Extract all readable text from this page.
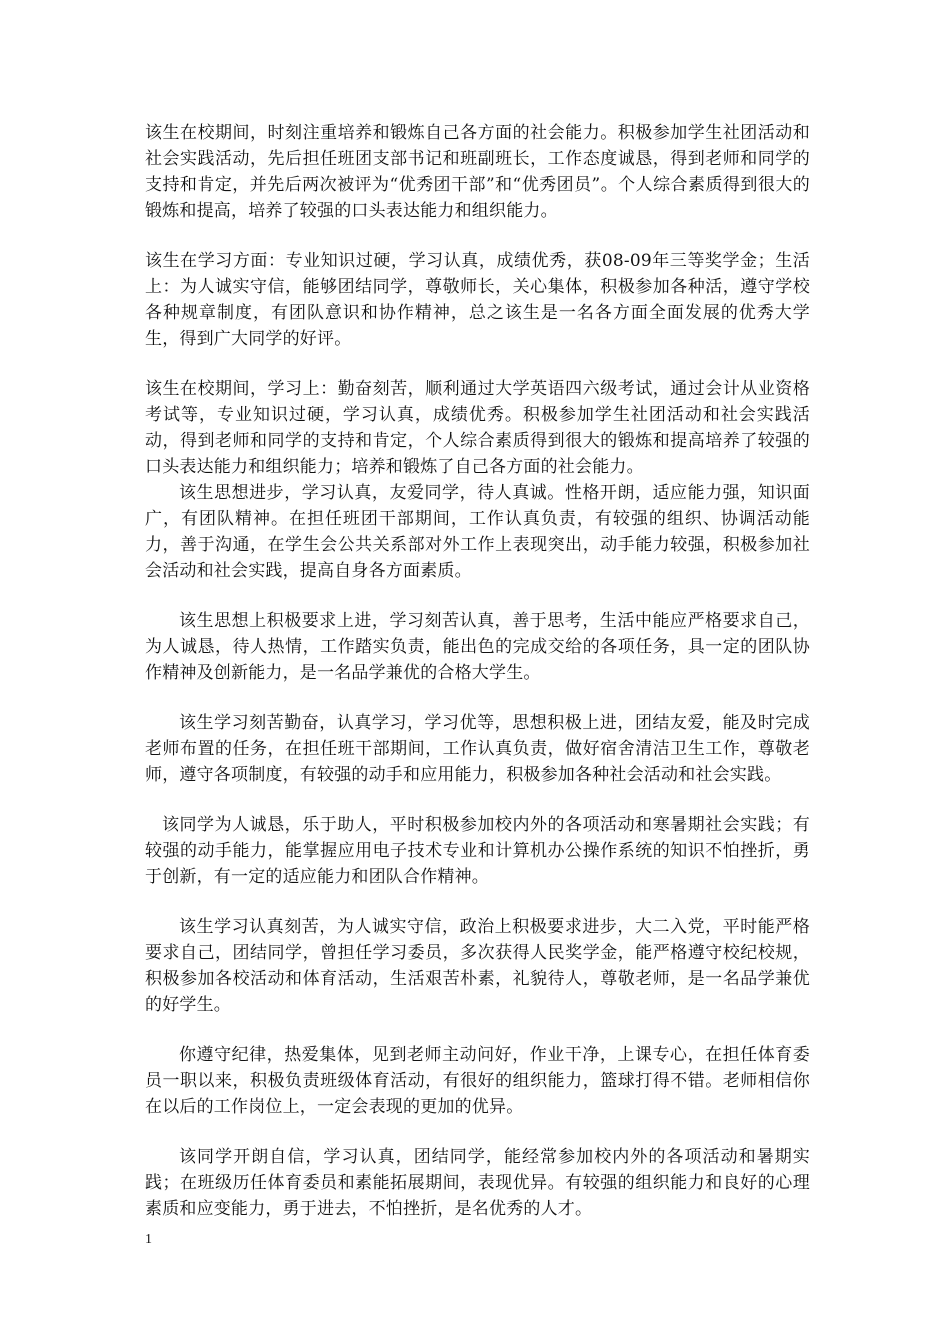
该生在校期间，时刻注重培养和锻炼自己各方面的社会能力。积极参加学生社团活动和社会实践活动，先后担任班团支部书记和班副班长，工作态度诚恳，得到老师和同学的支持和肯定，并先后两次被评为“优秀团干部”和“优秀团员”。个人综合素质得到很大的锻炼和提高，培养了较强的口头表达能力和组织能力。

该生在学习方面：专业知识过硬，学习认真，成绩优秀，获08-09年三等奖学金；生活上：为人诚实守信，能够团结同学，尊敬师长，关心集体，积极参加各种活，遵守学校各种规章制度，有团队意识和协作精神，总之该生是一名各方面全面发展的优秀大学生，得到广大同学的好评。

该生在校期间，学习上：勤奋刻苦，顺利通过大学英语四六级考试，通过会计从业资格考试等，专业知识过硬，学习认真，成绩优秀。积极参加学生社团活动和社会实践活动，得到老师和同学的支持和肯定，个人综合素质得到很大的锻炼和提高培养了较强的口头表达能力和组织能力；培养和锻炼了自己各方面的社会能力。

该生思想进步，学习认真，友爱同学，待人真诚。性格开朗，适应能力强，知识面广，有团队精神。在担任班团干部期间，工作认真负责，有较强的组织、协调活动能力，善于沟通，在学生会公共关系部对外工作上表现突出，动手能力较强，积极参加社会活动和社会实践，提高自身各方面素质。

该生思想上积极要求上进，学习刻苦认真，善于思考，生活中能应严格要求自己，为人诚恳，待人热情，工作踏实负责，能出色的完成交给的各项任务，具一定的团队协作精神及创新能力，是一名品学兼优的合格大学生。

该生学习刻苦勤奋，认真学习，学习优等，思想积极上进，团结友爱，能及时完成老师布置的任务，在担任班干部期间，工作认真负责，做好宿舍清洁卫生工作，尊敬老师，遵守各项制度，有较强的动手和应用能力，积极参加各种社会活动和社会实践。

该同学为人诚恳，乐于助人，平时积极参加校内外的各项活动和寒暑期社会实践；有较强的动手能力，能掌握应用电子技术专业和计算机办公操作系统的知识不怕挫折，勇于创新，有一定的适应能力和团队合作精神。

该生学习认真刻苦，为人诚实守信，政治上积极要求进步，大二入党，平时能严格要求自己，团结同学，曾担任学习委员，多次获得人民奖学金，能严格遵守校纪校规，积极参加各校活动和体育活动，生活艰苦朴素，礼貌待人，尊敬老师，是一名品学兼优的好学生。

你遵守纪律，热爱集体，见到老师主动问好，作业干净，上课专心，在担任体育委员一职以来，积极负责班级体育活动，有很好的组织能力，篮球打得不错。老师相信你在以后的工作岗位上，一定会表现的更加的优异。

该同学开朗自信，学习认真，团结同学，能经常参加校内外的各项活动和暑期实践；在班级历任体育委员和素能拓展期间，表现优异。有较强的组织能力和良好的心理素质和应变能力，勇于进去，不怕挫折，是名优秀的人才。

1
